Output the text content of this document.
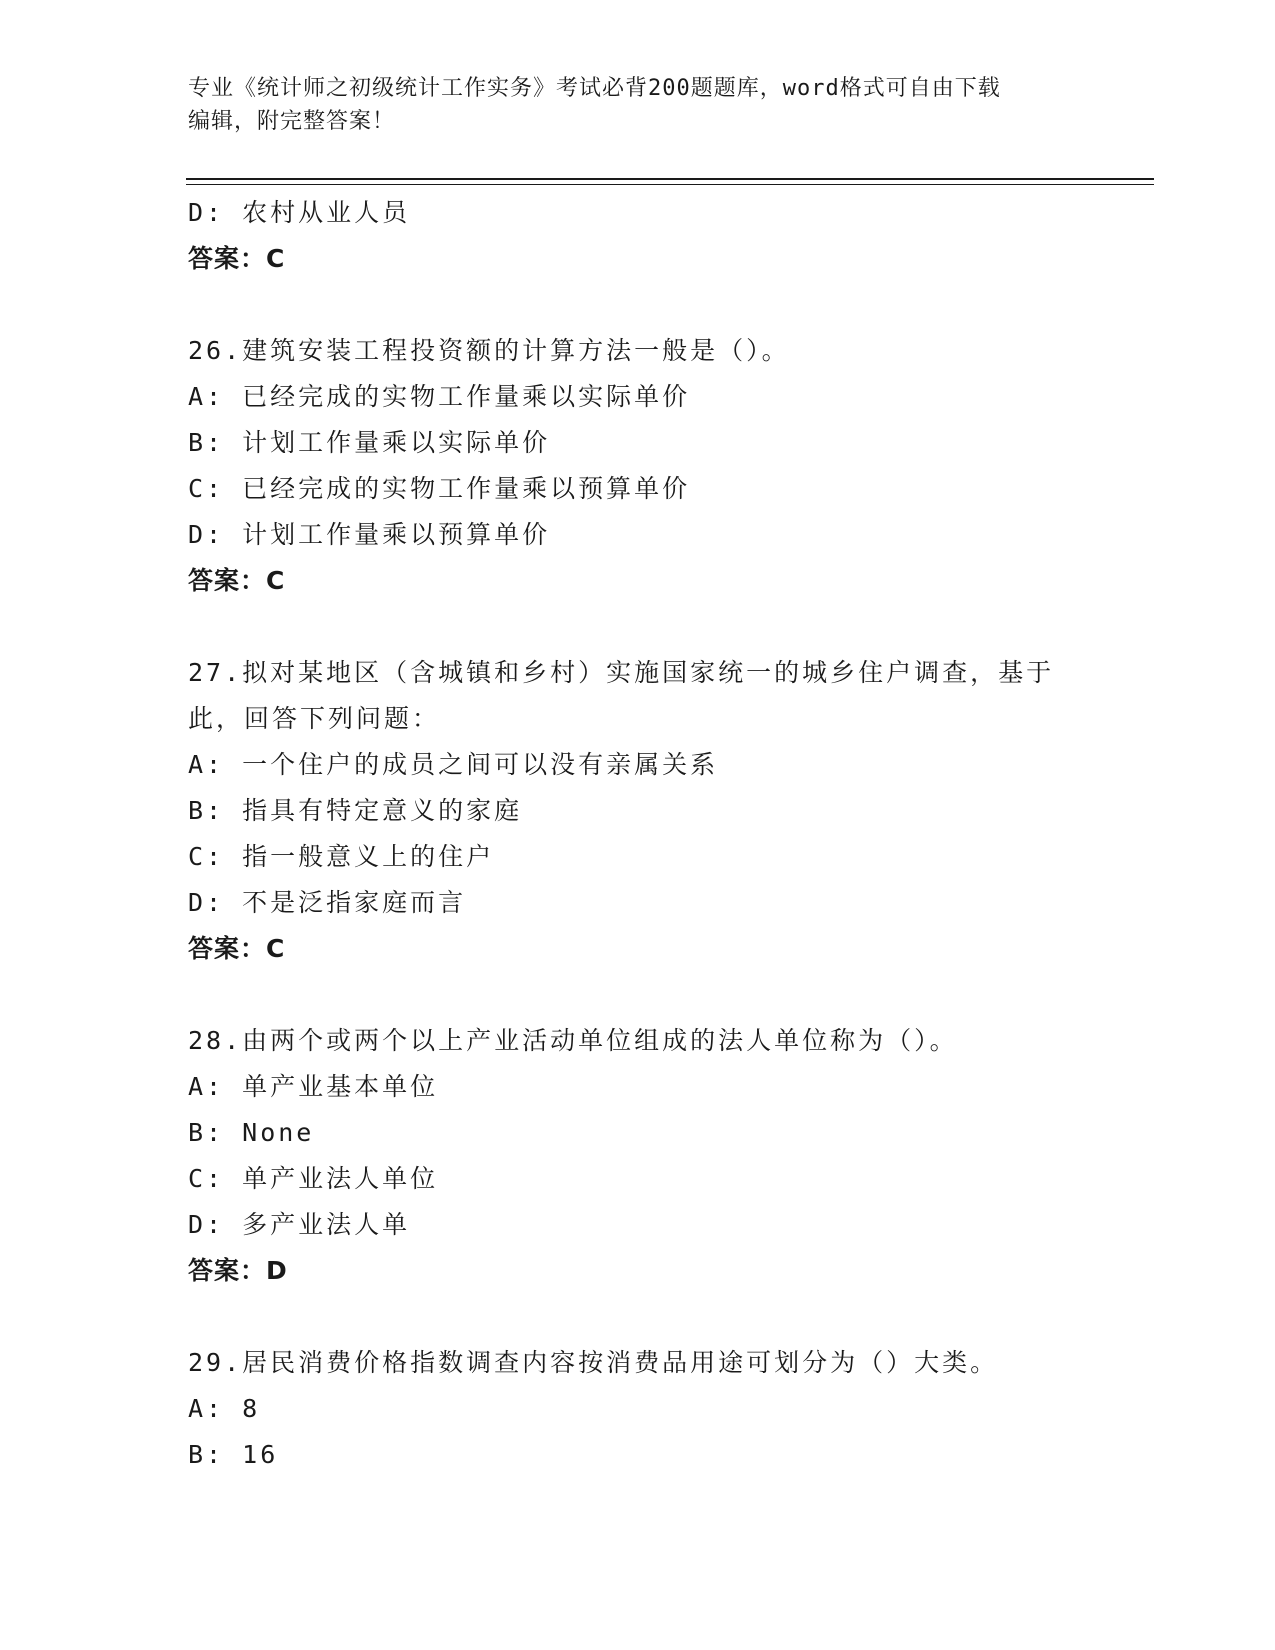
专业《统计师之初级统计工作实务》考试必背200题题库，word格式可自由下载
编辑，附完整答案！
D: 农村从业人员
答案：C
26.建筑安装工程投资额的计算方法一般是（）。
A: 已经完成的实物工作量乘以实际单价
B: 计划工作量乘以实际单价
C: 已经完成的实物工作量乘以预算单价
D: 计划工作量乘以预算单价
答案：C
27.拟对某地区（含城镇和乡村）实施国家统一的城乡住户调查，基于
此，回答下列问题：
A: 一个住户的成员之间可以没有亲属关系
B: 指具有特定意义的家庭
C: 指一般意义上的住户
D: 不是泛指家庭而言
答案：C
28.由两个或两个以上产业活动单位组成的法人单位称为（）。
A: 单产业基本单位
B: None
C: 单产业法人单位
D: 多产业法人单
答案：D
29.居民消费价格指数调查内容按消费品用途可划分为（）大类。
A: 8
B: 16
